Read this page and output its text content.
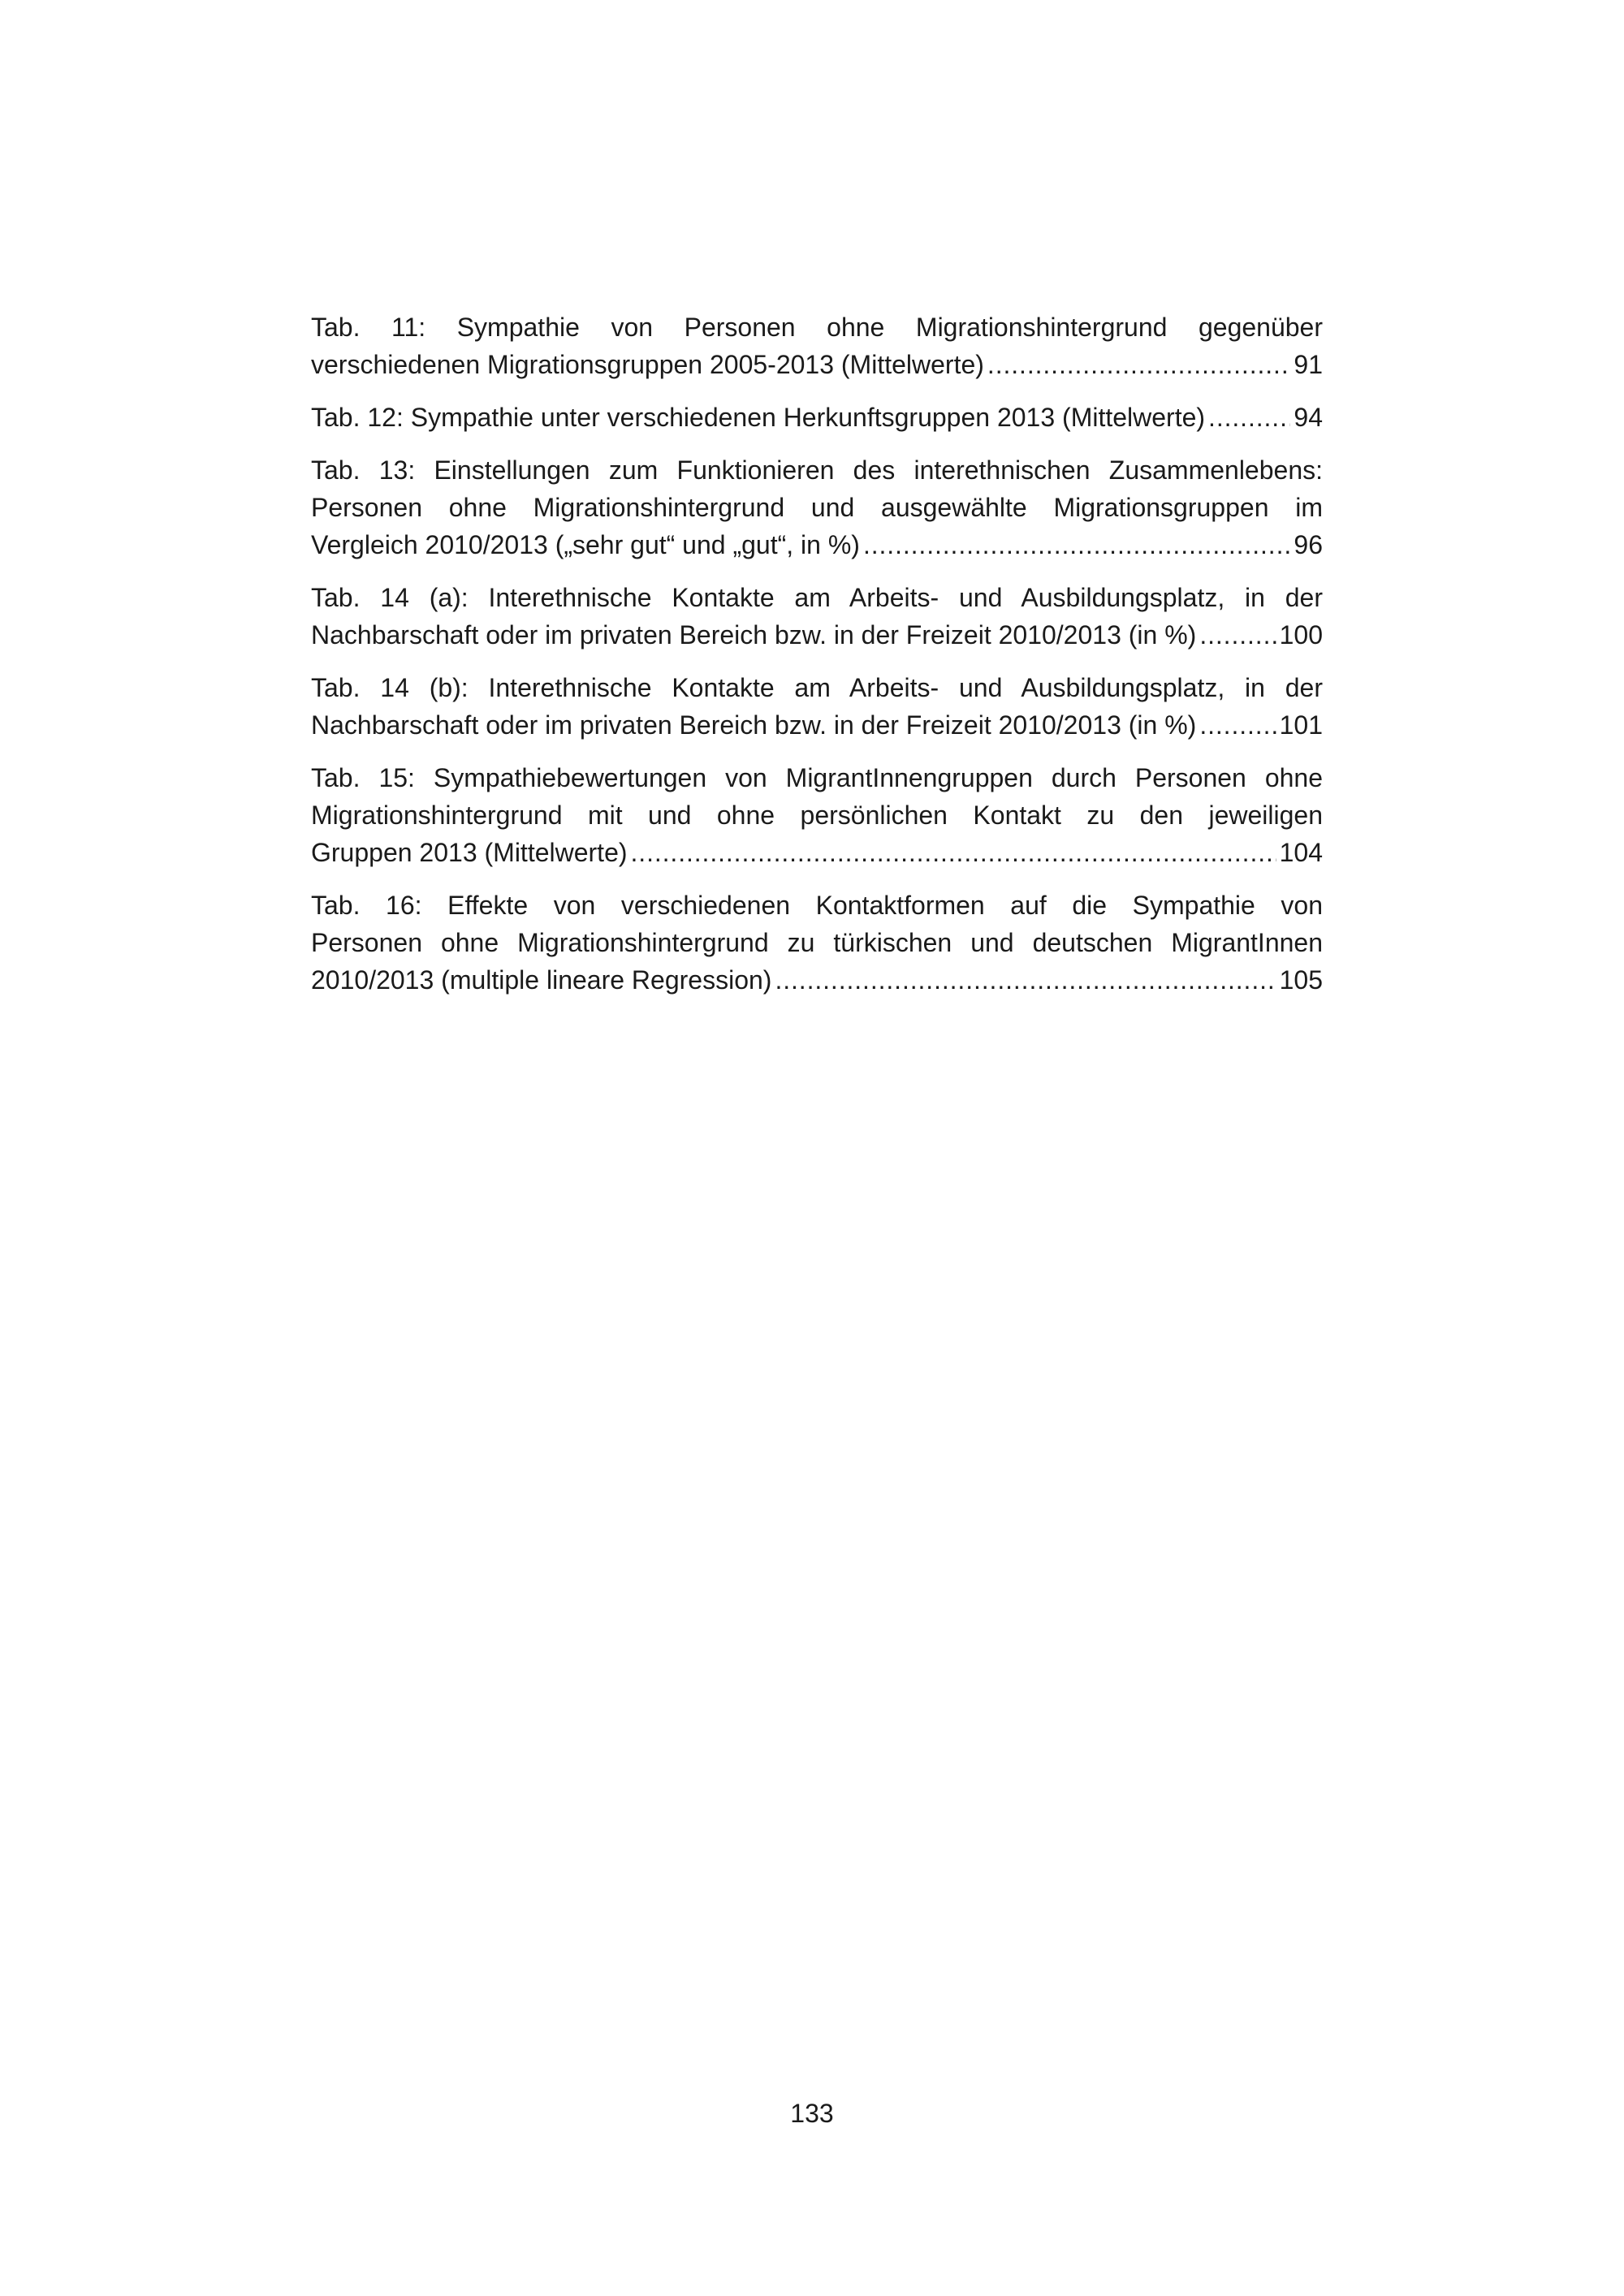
Tab. 11: Sympathie von Personen ohne Migrationshintergrund gegenüber
verschiedenen Migrationsgruppen 2005-2013 (Mittelwerte) . . .	91
Tab. 12: Sympathie unter verschiedenen Herkunftsgruppen 2013 (Mittelwerte) . . .	94
Tab. 13: Einstellungen zum Funktionieren des interethnischen Zusammenlebens:
Personen ohne Migrationshintergrund und ausgewählte Migrationsgruppen im
Vergleich 2010/2013 („sehr gut“ und „gut“, in %) . . .	96
Tab. 14 (a): Interethnische Kontakte am Arbeits- und Ausbildungsplatz, in der
Nachbarschaft oder im privaten Bereich bzw. in der Freizeit 2010/2013 (in %) . . .	100
Tab. 14 (b): Interethnische Kontakte am Arbeits- und Ausbildungsplatz, in der
Nachbarschaft oder im privaten Bereich bzw. in der Freizeit 2010/2013 (in %) . . .	101
Tab. 15: Sympathiebewertungen von MigrantInnengruppen durch Personen ohne
Migrationshintergrund mit und ohne persönlichen Kontakt zu den jeweiligen
Gruppen 2013 (Mittelwerte) . . .	104
Tab. 16: Effekte von verschiedenen Kontaktformen auf die Sympathie von
Personen ohne Migrationshintergrund zu türkischen und deutschen MigrantInnen
2010/2013 (multiple lineare Regression) . . .	105
133
